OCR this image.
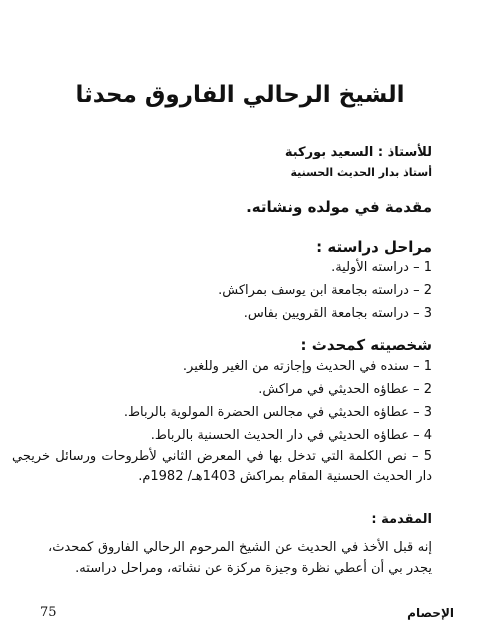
الشيخ الرحالي الفاروق محدثا

للأستاذ : السعيد بوركبة

أستاذ بدار الحديث الحسنية

مقدمة في مولده ونشاته.

مراحل دراسته :

1 – دراسته الأولية.
2 – دراسته بجامعة ابن يوسف بمراكش.
3 – دراسته بجامعة القرويين بفاس.

شخصيته كمحدث :

1 – سنده في الحديث وإجازته من الغير وللغير.
2 – عطاؤه الحديثي في مراكش.
3 – عطاؤه الحديثي في مجالس الحضرة المولوية بالرباط.
4 – عطاؤه الحديثي في دار الحديث الحسنية بالرباط.
5 – نص الكلمة التي تدخل بها في المعرض الثاني لأطروحات ورسائل خريجي دار الحديث الحسنية المقام بمراكش 1403هـ/ 1982م.

المقدمة :

إنه قبل الأخذ في الحديث عن الشيخ المرحوم الرحالي الفاروق كمحدث، يجدر بي أن أعطي نظرة وجيزة مركزة عن نشاته، ومراحل دراسته.

75	الإحصام
